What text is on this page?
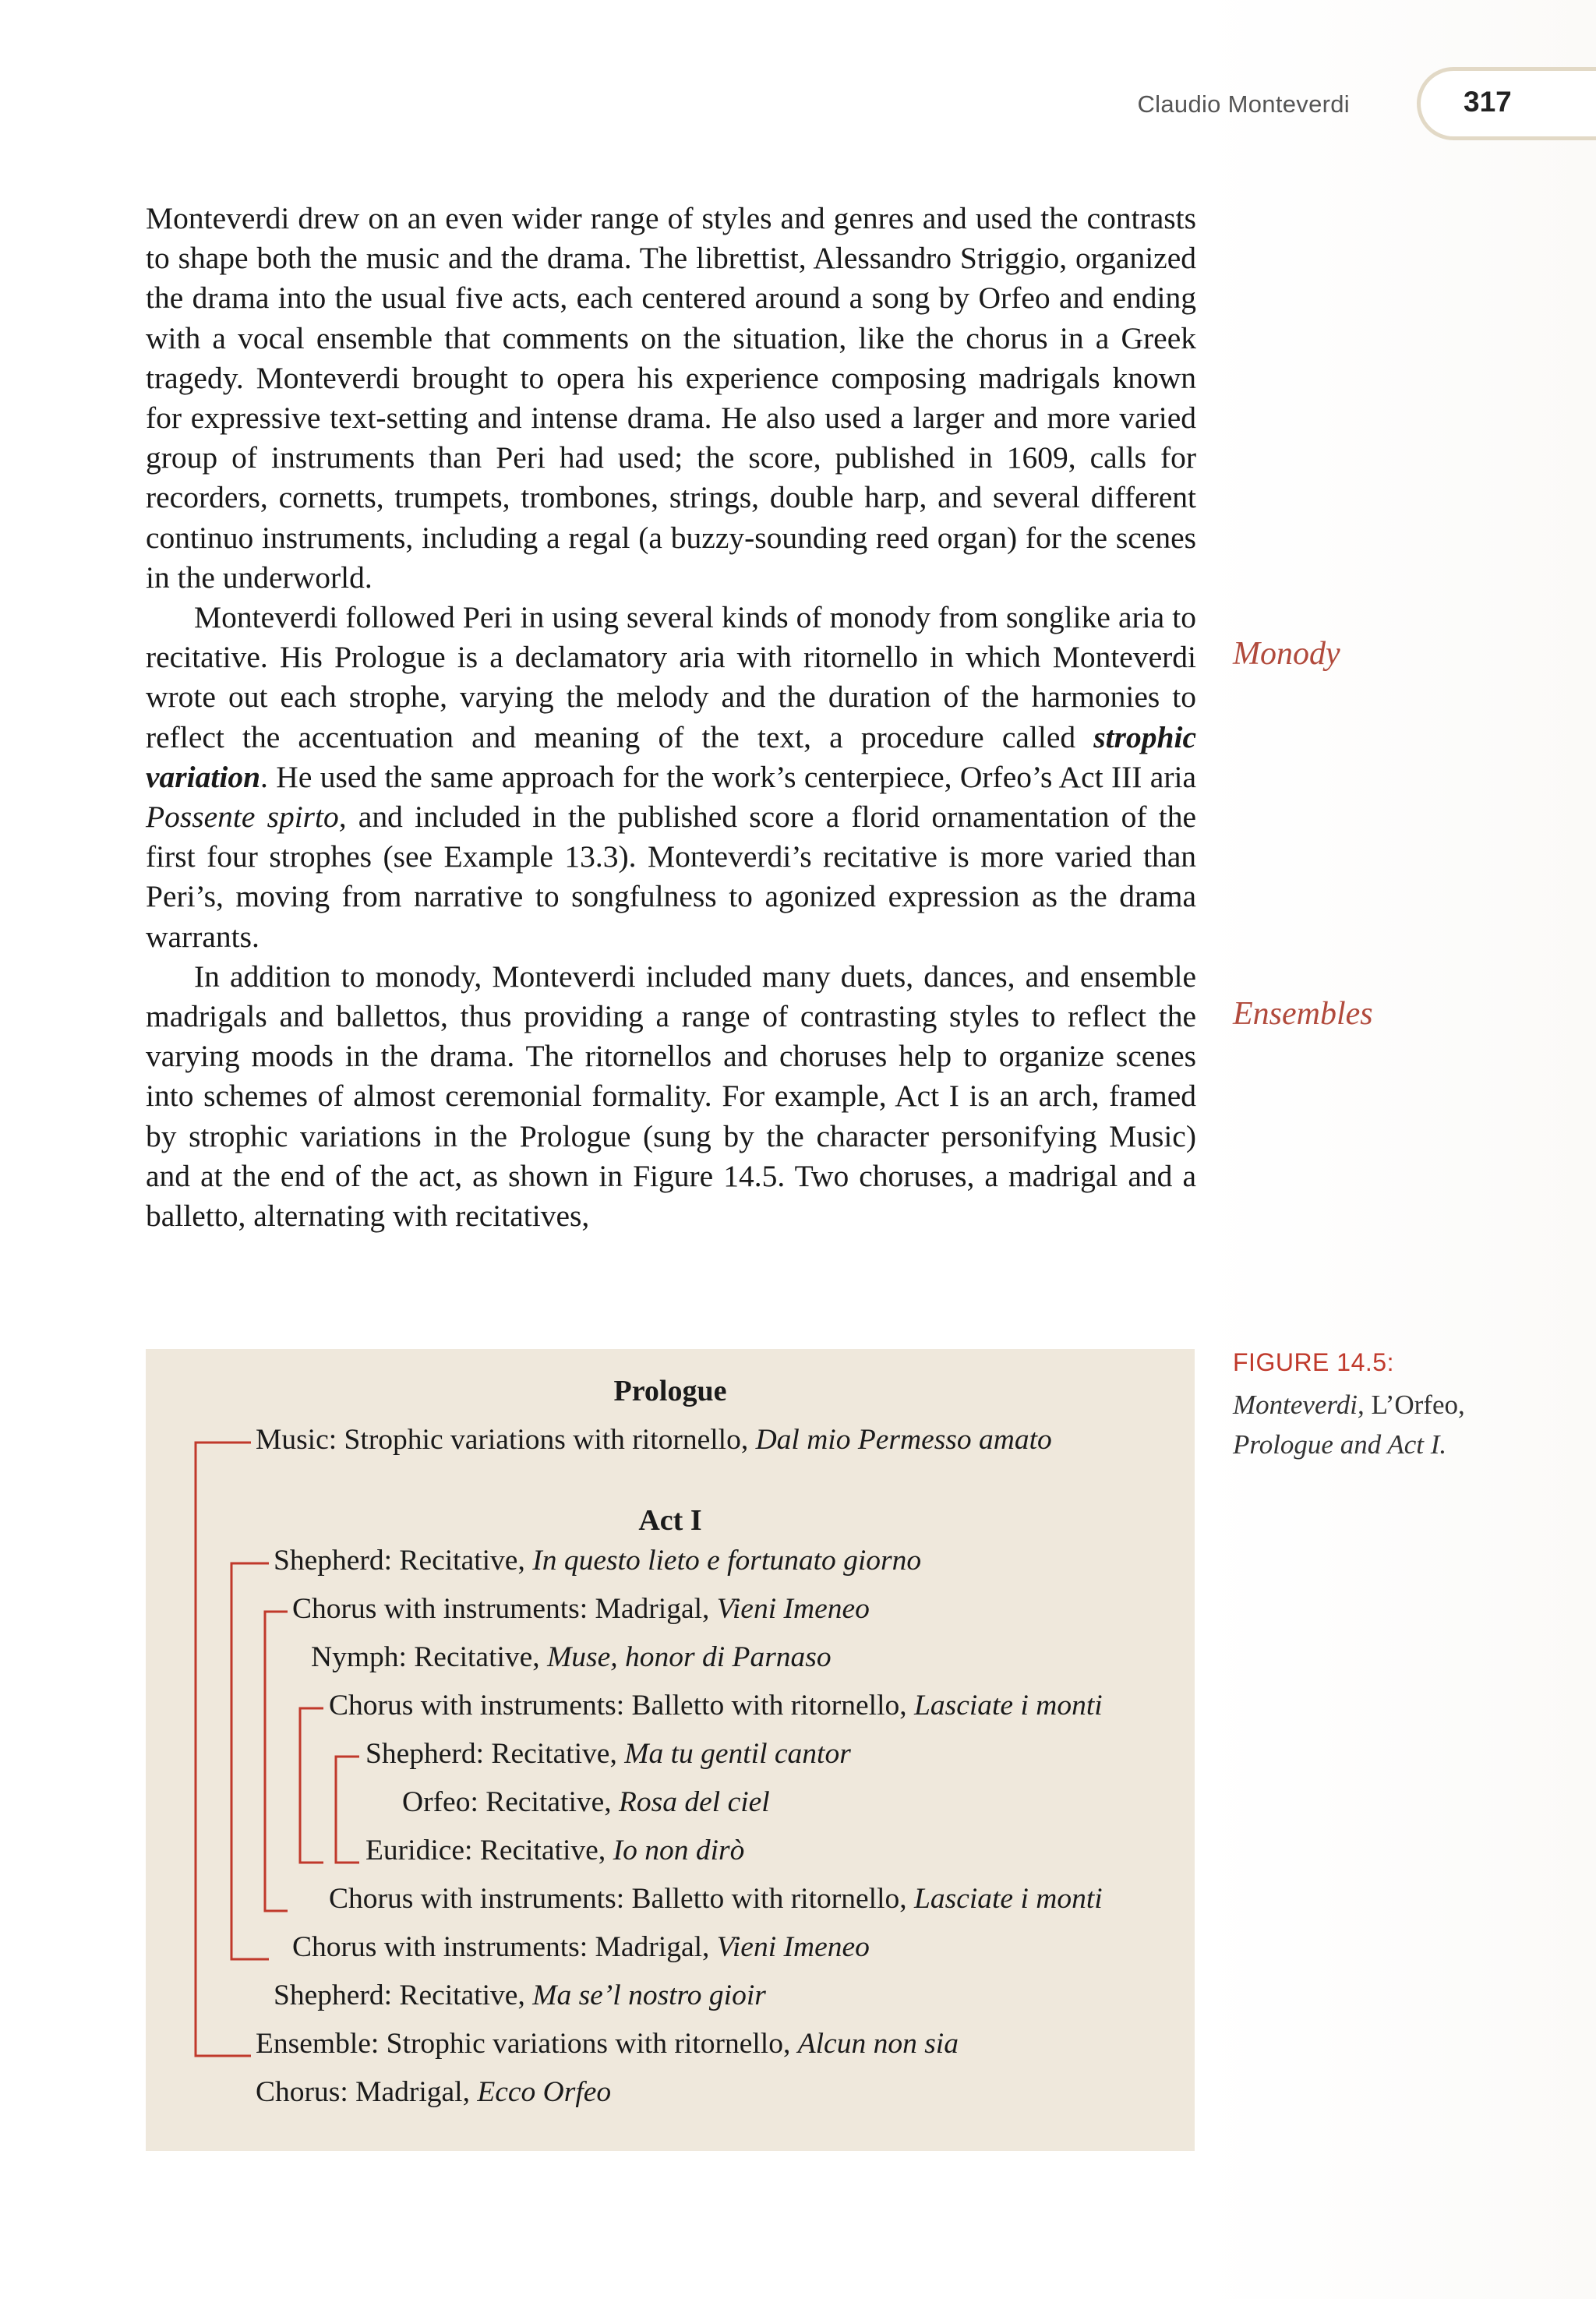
Claudio Monteverdi	317

Monteverdi drew on an even wider range of styles and genres and used the contrasts to shape both the music and the drama. The librettist, Alessandro Striggio, organized the drama into the usual five acts, each centered around a song by Orfeo and ending with a vocal ensemble that comments on the situation, like the chorus in a Greek tragedy. Monteverdi brought to opera his experience composing madrigals known for expressive text-setting and intense drama. He also used a larger and more varied group of instruments than Peri had used; the score, published in 1609, calls for recorders, cornetts, trumpets, trombones, strings, double harp, and several different continuo instruments, including a regal (a buzzy-sounding reed organ) for the scenes in the underworld.

Monteverdi followed Peri in using several kinds of monody from songlike aria to recitative. His Prologue is a declamatory aria with ritornello in which Monteverdi wrote out each strophe, varying the melody and the duration of the harmonies to reflect the accentuation and meaning of the text, a procedure called strophic variation. He used the same approach for the work’s centerpiece, Orfeo’s Act III aria Possente spirto, and included in the published score a florid ornamentation of the first four strophes (see Example 13.3). Monteverdi’s recitative is more varied than Peri’s, moving from narrative to songfulness to agonized expression as the drama warrants.

In addition to monody, Monteverdi included many duets, dances, and ensemble madrigals and ballettos, thus providing a range of contrasting styles to reflect the varying moods in the drama. The ritornellos and choruses help to organize scenes into schemes of almost ceremonial formality. For example, Act I is an arch, framed by strophic variations in the Prologue (sung by the character personifying Music) and at the end of the act, as shown in Figure 14.5. Two choruses, a madrigal and a balletto, alternating with recitatives,

Monody
Ensembles
Prologue
Act I
Music: Strophic variations with ritornello, Dal mio Permesso amato
Shepherd: Recitative, In questo lieto e fortunato giorno
Chorus with instruments: Madrigal, Vieni Imeneo
Nymph: Recitative, Muse, honor di Parnaso
Chorus with instruments: Balletto with ritornello, Lasciate i monti
Shepherd: Recitative, Ma tu gentil cantor
Orfeo: Recitative, Rosa del ciel
Euridice: Recitative, Io non dirò
Chorus with instruments: Balletto with ritornello, Lasciate i monti
Chorus with instruments: Madrigal, Vieni Imeneo
Shepherd: Recitative, Ma se’l nostro gioir
Ensemble: Strophic variations with ritornello, Alcun non sia
Chorus: Madrigal, Ecco Orfeo
FIGURE 14.5:
Monteverdi, L’Orfeo,
Prologue and Act I.
